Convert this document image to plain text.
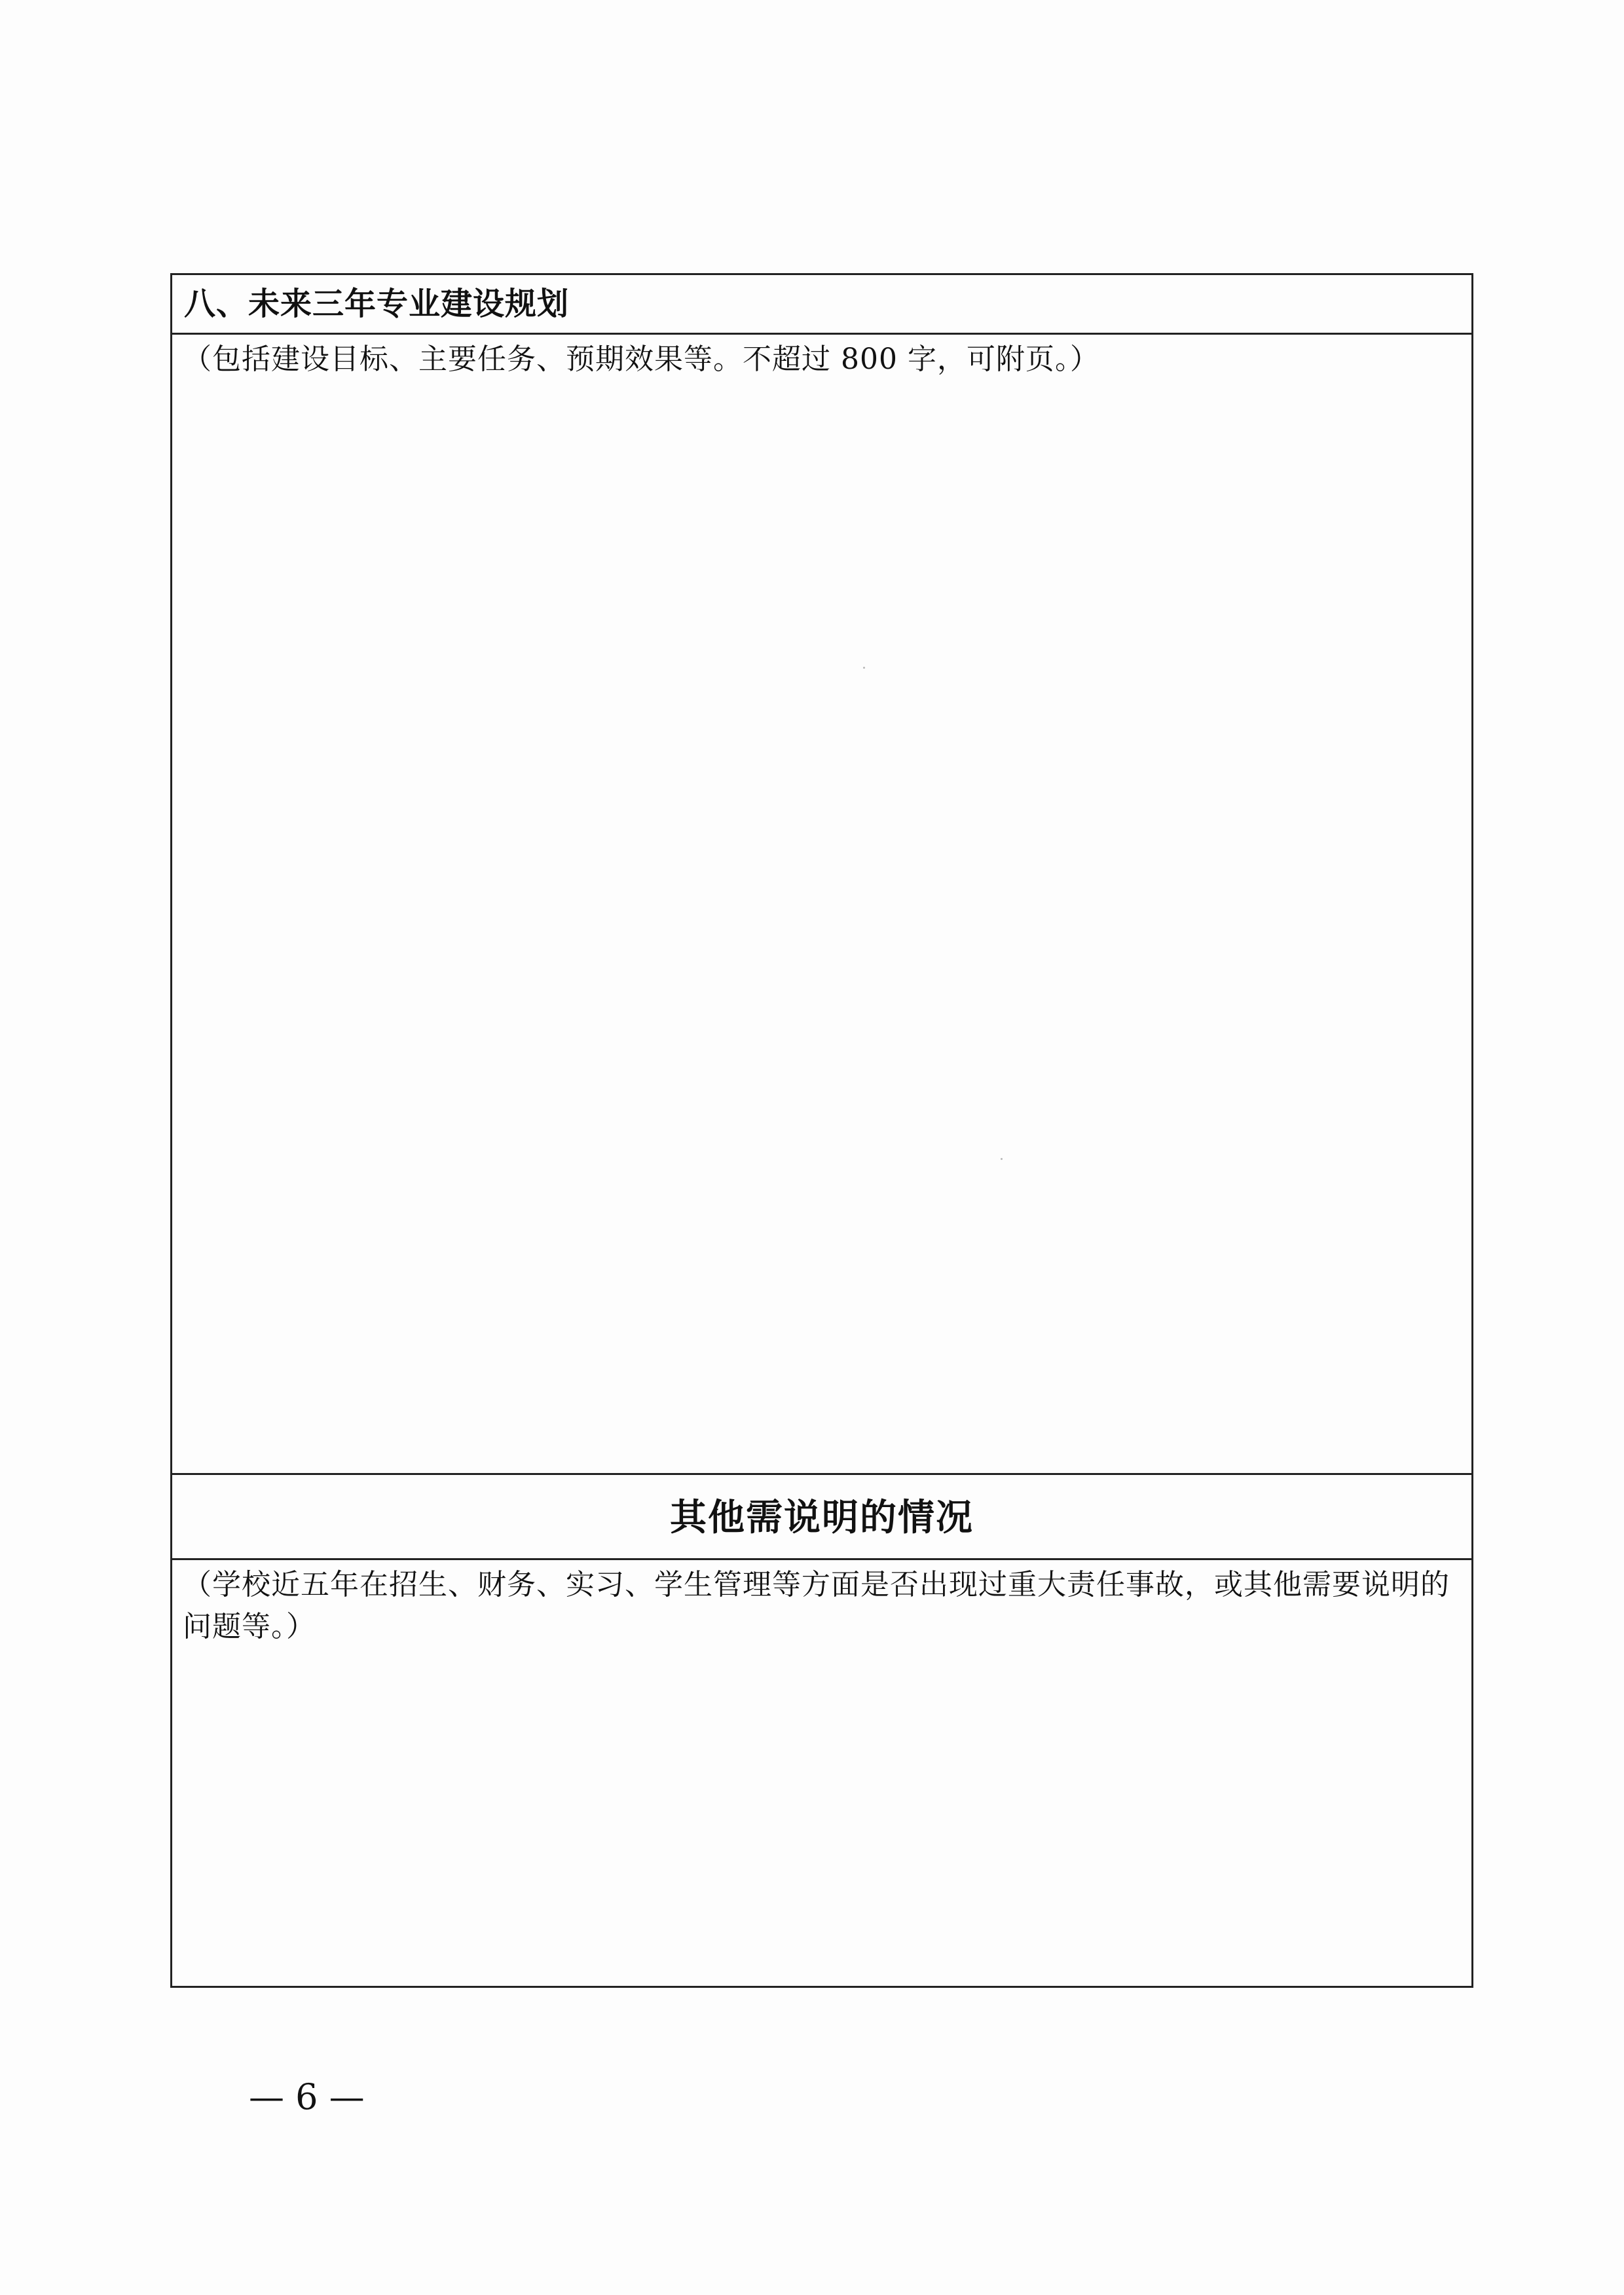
八、未来三年专业建设规划
（包括建设目标、主要任务、预期效果等。不超过 800 字，可附页。）
其他需说明的情况
（学校近五年在招生、财务、实习、学生管理等方面是否出现过重大责任事故，或其他需要说明的问题等。）
— 6 —
